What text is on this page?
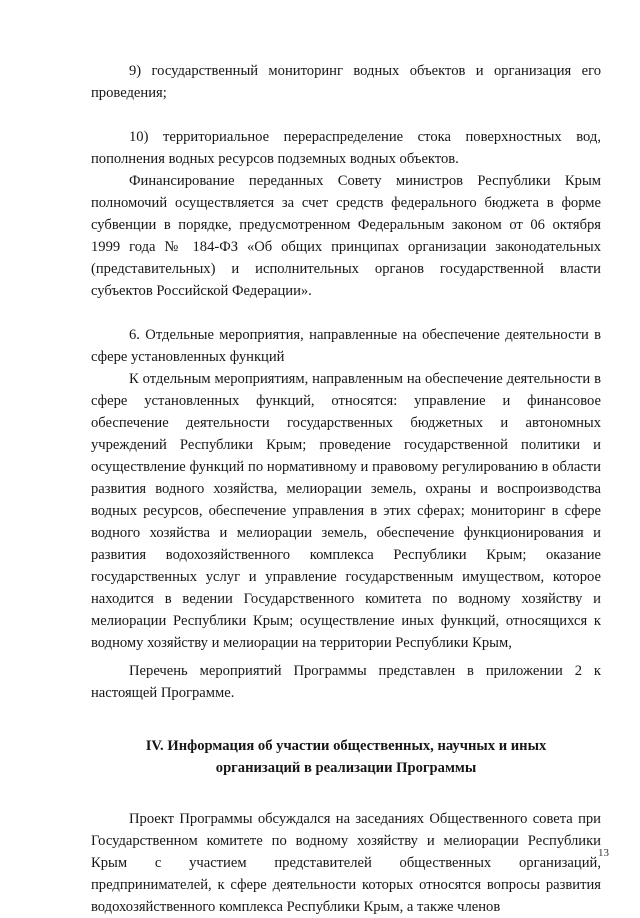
9) государственный мониторинг водных объектов и организация его проведения;

10) территориальное перераспределение стока поверхностных вод, пополнения водных ресурсов подземных водных объектов.

Финансирование переданных Совету министров Республики Крым полномочий осуществляется за счет средств федерального бюджета в форме субвенции в порядке, предусмотренном Федеральным законом от 06 октября 1999 года № 184-ФЗ «Об общих принципах организации законодательных (представительных) и исполнительных органов государственной власти субъектов Российской Федерации».

6. Отдельные мероприятия, направленные на обеспечение деятельности в сфере установленных функций

К отдельным мероприятиям, направленным на обеспечение деятельности в сфере установленных функций, относятся: управление и финансовое обеспечение деятельности государственных бюджетных и автономных учреждений Республики Крым; проведение государственной политики и осуществление функций по нормативному и правовому регулированию в области развития водного хозяйства, мелиорации земель, охраны и воспроизводства водных ресурсов, обеспечение управления в этих сферах; мониторинг в сфере водного хозяйства и мелиорации земель, обеспечение функционирования и развития водохозяйственного комплекса Республики Крым; оказание государственных услуг и управление государственным имуществом, которое находится в ведении Государственного комитета по водному хозяйству и мелиорации Республики Крым; осуществление иных функций, относящихся к водному хозяйству и мелиорации на территории Республики Крым,

Перечень мероприятий Программы представлен в приложении 2 к настоящей Программе.

IV. Информация об участии общественных, научных и иных
организаций в реализации Программы

Проект Программы обсуждался на заседаниях Общественного совета при Государственном комитете по водному хозяйству и мелиорации Республики Крым с участием представителей общественных организаций, предпринимателей, к сфере деятельности которых относятся вопросы развития водохозяйственного комплекса Республики Крым, а также членов

13
